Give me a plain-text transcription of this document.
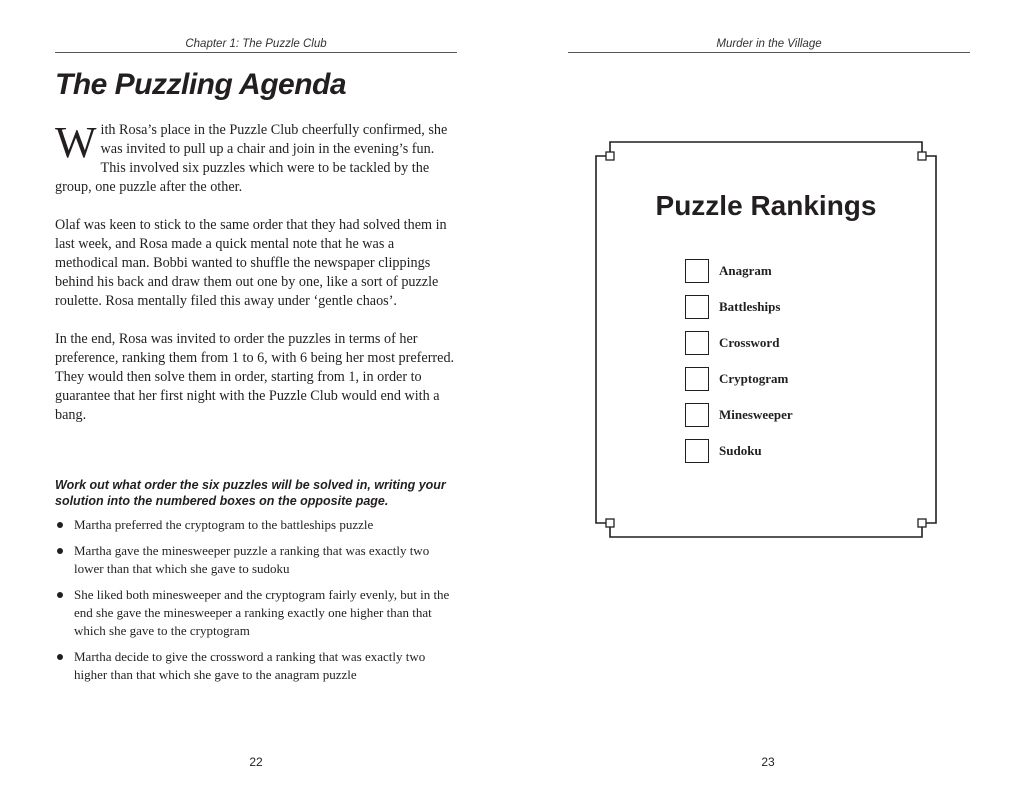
Chapter 1: The Puzzle Club
The Puzzling Agenda

With Rosa’s place in the Puzzle Club cheerfully confirmed, she was invited to pull up a chair and join in the evening’s fun. This involved six puzzles which were to be tackled by the group, one puzzle after the other.

Olaf was keen to stick to the same order that they had solved them in last week, and Rosa made a quick mental note that he was a methodical man. Bobbi wanted to shuffle the newspaper clippings behind his back and draw them out one by one, like a sort of puzzle roulette. Rosa mentally filed this away under ‘gentle chaos’.

In the end, Rosa was invited to order the puzzles in terms of her preference, ranking them from 1 to 6, with 6 being her most preferred. They would then solve them in order, starting from 1, in order to guarantee that her first night with the Puzzle Club would end with a bang.

Work out what order the six puzzles will be solved in, writing your solution into the numbered boxes on the opposite page.
Martha preferred the cryptogram to the battleships puzzle
Martha gave the minesweeper puzzle a ranking that was exactly two lower than that which she gave to sudoku
She liked both minesweeper and the cryptogram fairly evenly, but in the end she gave the minesweeper a ranking exactly one higher than that which she gave to the cryptogram
Martha decide to give the crossword a ranking that was exactly two higher than that which she gave to the anagram puzzle
22
Murder in the Village
Puzzle Rankings
Anagram
Battleships
Crossword
Cryptogram
Minesweeper
Sudoku
23
